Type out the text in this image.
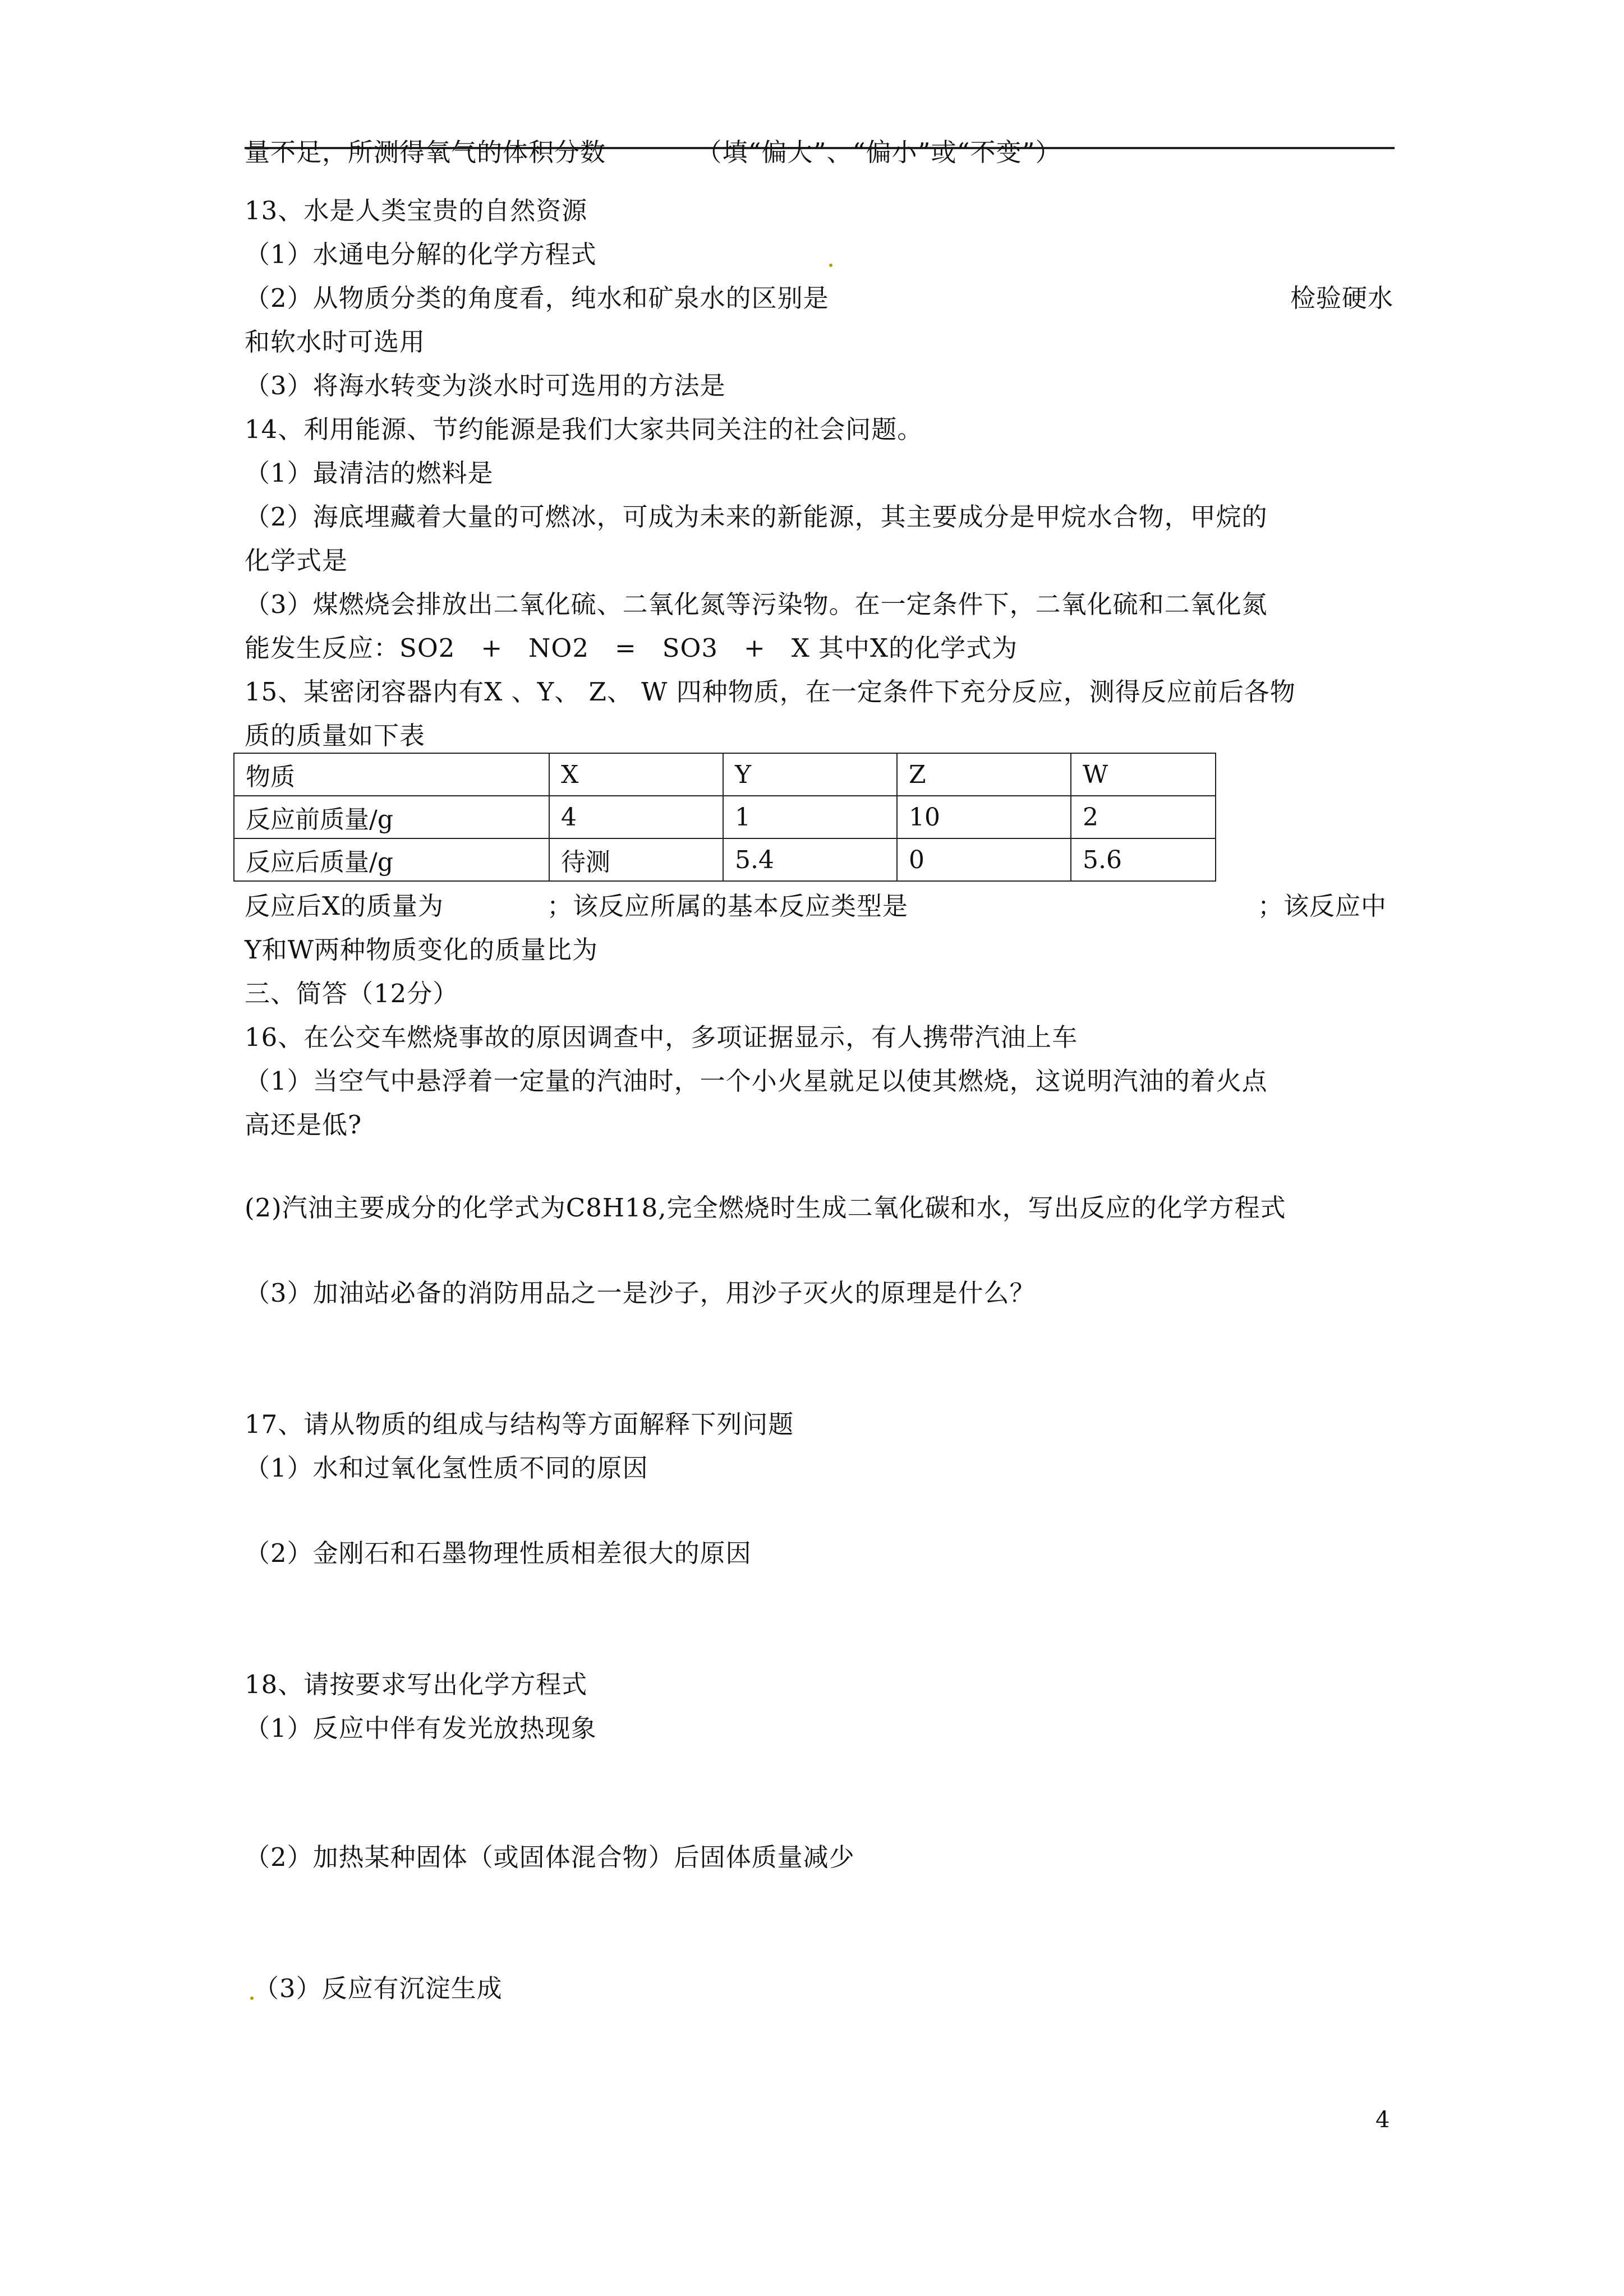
量不足，所测得氧气的体积分数　　　　（填“偏大”、“偏小”或“不变”）
13、水是人类宝贵的自然资源
（1）水通电分解的化学方程式
（2）从物质分类的角度看，纯水和矿泉水的区别是	检验硬水
和软水时可选用
（3）将海水转变为淡水时可选用的方法是
14、利用能源、节约能源是我们大家共同关注的社会问题。
（1）最清洁的燃料是
（2）海底埋藏着大量的可燃冰，可成为未来的新能源，其主要成分是甲烷水合物，甲烷的
化学式是
（3）煤燃烧会排放出二氧化硫、二氧化氮等污染物。在一定条件下，二氧化硫和二氧化氮
能发生反应：SO2　+　NO2　=　SO3　+　X 其中X的化学式为
15、某密闭容器内有X 、Y、 Z、 W 四种物质，在一定条件下充分反应，测得反应前后各物
质的质量如下表
物质	X	Y	Z	W
反应前质量/g	4	1	10	2
反应后质量/g	待测	5.4	0	5.6
反应后X的质量为　　　　；该反应所属的基本反应类型是	；该反应中
Y和W两种物质变化的质量比为
三、简答（12分）
16、在公交车燃烧事故的原因调查中，多项证据显示，有人携带汽油上车
（1）当空气中悬浮着一定量的汽油时，一个小火星就足以使其燃烧，这说明汽油的着火点
高还是低?
(2)汽油主要成分的化学式为C8H18,完全燃烧时生成二氧化碳和水，写出反应的化学方程式
（3）加油站必备的消防用品之一是沙子，用沙子灭火的原理是什么？
17、请从物质的组成与结构等方面解释下列问题
（1）水和过氧化氢性质不同的原因
（2）金刚石和石墨物理性质相差很大的原因
18、请按要求写出化学方程式
（1）反应中伴有发光放热现象
（2）加热某种固体（或固体混合物）后固体质量减少
（3）反应有沉淀生成
4
